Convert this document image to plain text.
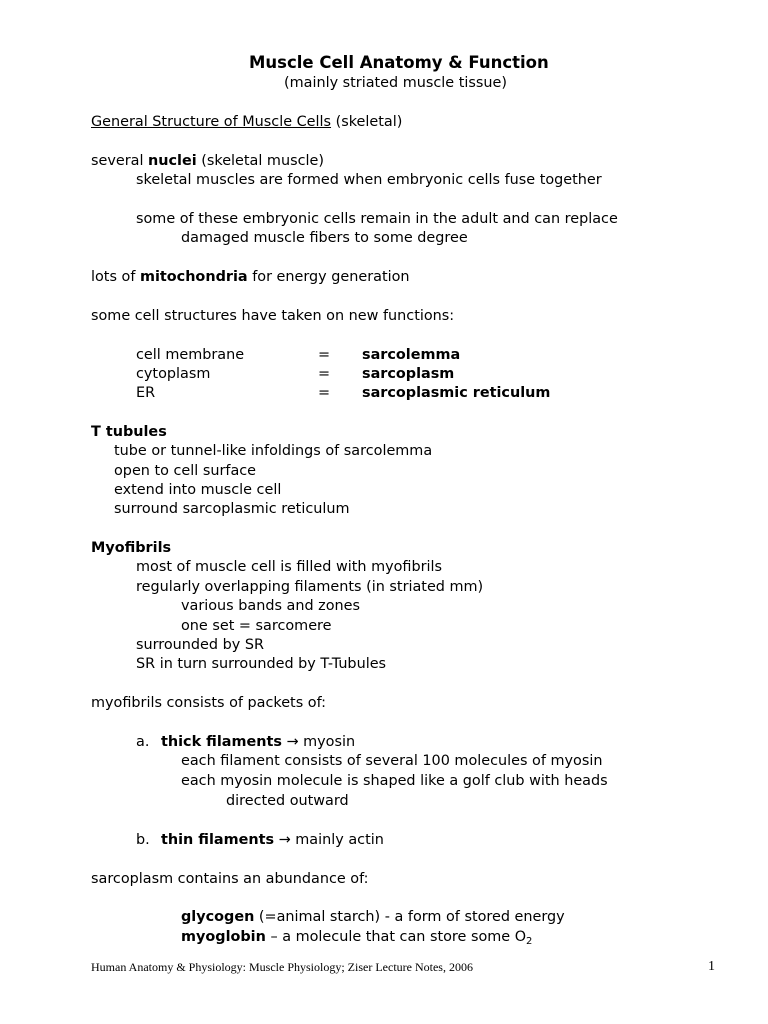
Muscle Cell Anatomy & Function
(mainly striated muscle tissue)
General Structure of Muscle Cells (skeletal)
several nuclei (skeletal muscle)
skeletal muscles are formed when embryonic cells fuse together
some of these embryonic cells remain in the adult and can replace
damaged muscle fibers to some degree
lots of mitochondria for energy generation
some cell structures have taken on new functions:
cell membrane	= sarcolemma
cytoplasm	= sarcoplasm
ER	= sarcoplasmic reticulum
T tubules
tube or tunnel-like infoldings of sarcolemma
open to cell surface
extend into muscle cell
surround sarcoplasmic reticulum
Myofibrils
most of muscle cell is filled with myofibrils
regularly overlapping filaments (in striated mm)
various bands and zones
one set = sarcomere
surrounded by SR
SR in turn surrounded by T-Tubules
myofibrils consists of packets of:
a. thick filaments → myosin
each filament consists of several 100 molecules of myosin
each myosin molecule is shaped like a golf club with heads
directed outward
b. thin filaments → mainly actin
sarcoplasm contains an abundance of:
glycogen (=animal starch) - a form of stored energy
myoglobin – a molecule that can store some $O_2$
Human Anatomy & Physiology: Muscle Physiology; Ziser Lecture Notes, 2006	1
